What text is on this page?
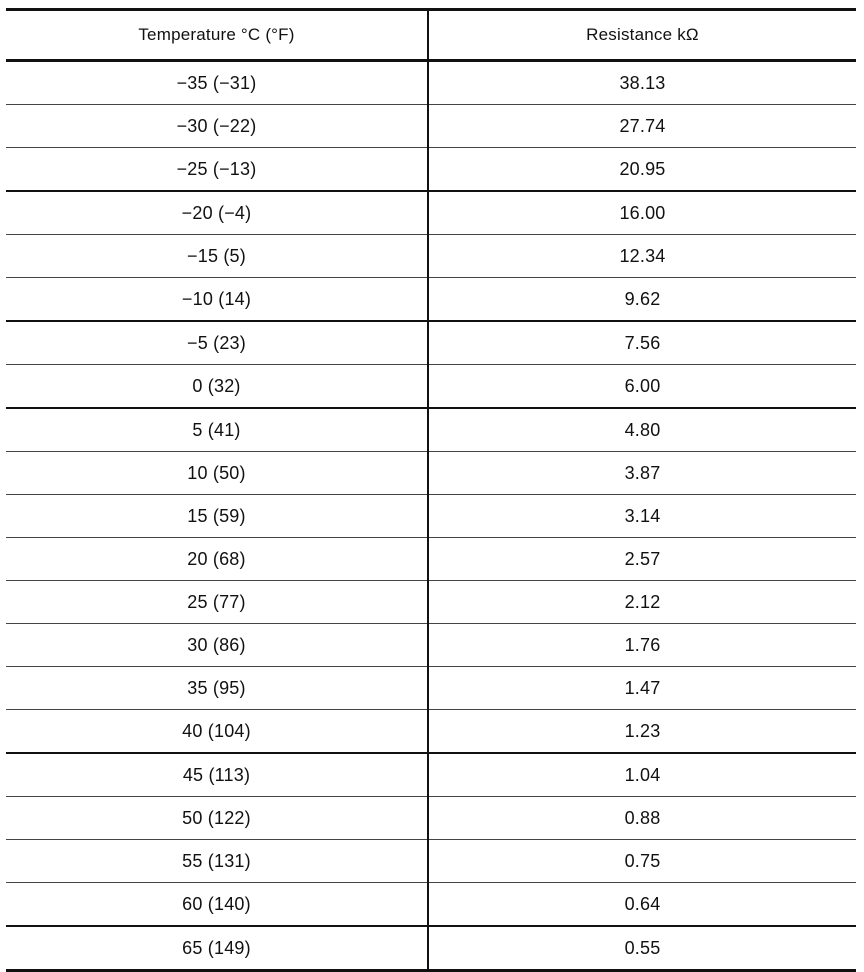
Temperature °C (°F)	Resistance kΩ
−35 (−31)	38.13
−30 (−22)	27.74
−25 (−13)	20.95
−20 (−4)	16.00
−15 (5)	12.34
−10 (14)	9.62
−5 (23)	7.56
0 (32)	6.00
5 (41)	4.80
10 (50)	3.87
15 (59)	3.14
20 (68)	2.57
25 (77)	2.12
30 (86)	1.76
35 (95)	1.47
40 (104)	1.23
45 (113)	1.04
50 (122)	0.88
55 (131)	0.75
60 (140)	0.64
65 (149)	0.55
